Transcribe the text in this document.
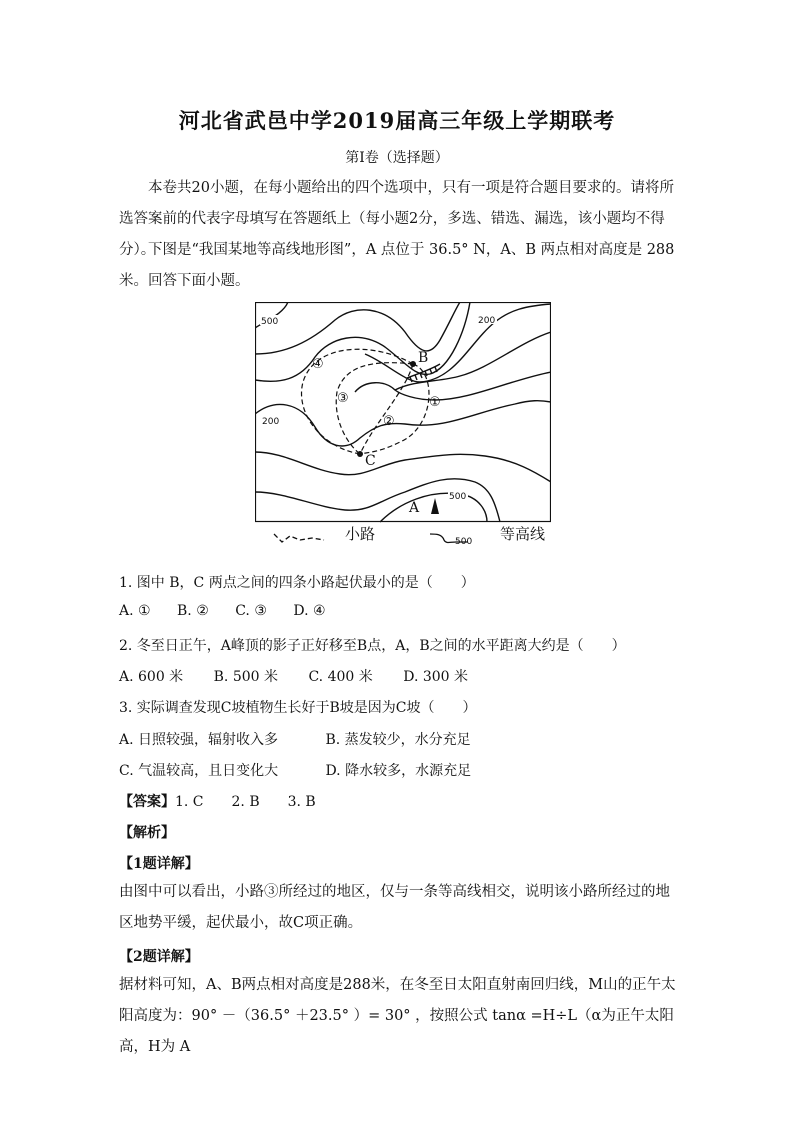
河北省武邑中学2019届高三年级上学期联考
第I卷（选择题）
本卷共20小题，在每小题给出的四个选项中，只有一项是符合题目要求的。请将所选答案前的代表字母填写在答题纸上（每小题2分，多选、错选、漏选，该小题均不得分）。
下图是“我国某地等高线地形图”，A 点位于 36.5° N，A、B 两点相对高度是 288 米。回答下面小题。
500	200
200
500
B
C
A
①
②
③
④
小路	500 等高线
1. 图中 B，C 两点之间的四条小路起伏最小的是（　　）
A. ① B. ② C. ③ D. ④
2. 冬至日正午，A峰顶的影子正好移至B点，A，B之间的水平距离大约是（　　）
A. 600 米 B. 500 米 C. 400 米 D. 300 米
3. 实际调查发现C坡植物生长好于B坡是因为C坡（　　）
A. 日照较强，辐射收入多	B. 蒸发较少，水分充足
C. 气温较高，且日变化大	D. 降水较多，水源充足
【答案】1. C　　2. B　　3. B
【解析】
【1题详解】
由图中可以看出，小路③所经过的地区，仅与一条等高线相交，说明该小路所经过的地区地势平缓，起伏最小，故C项正确。
【2题详解】
据材料可知，A、B两点相对高度是288米，在冬至日太阳直射南回归线，M山的正午太阳高度为：90° －（36.5° ＋23.5° ）= 30° ，按照公式 tanα =H÷L（α为正午太阳高，H为 A
